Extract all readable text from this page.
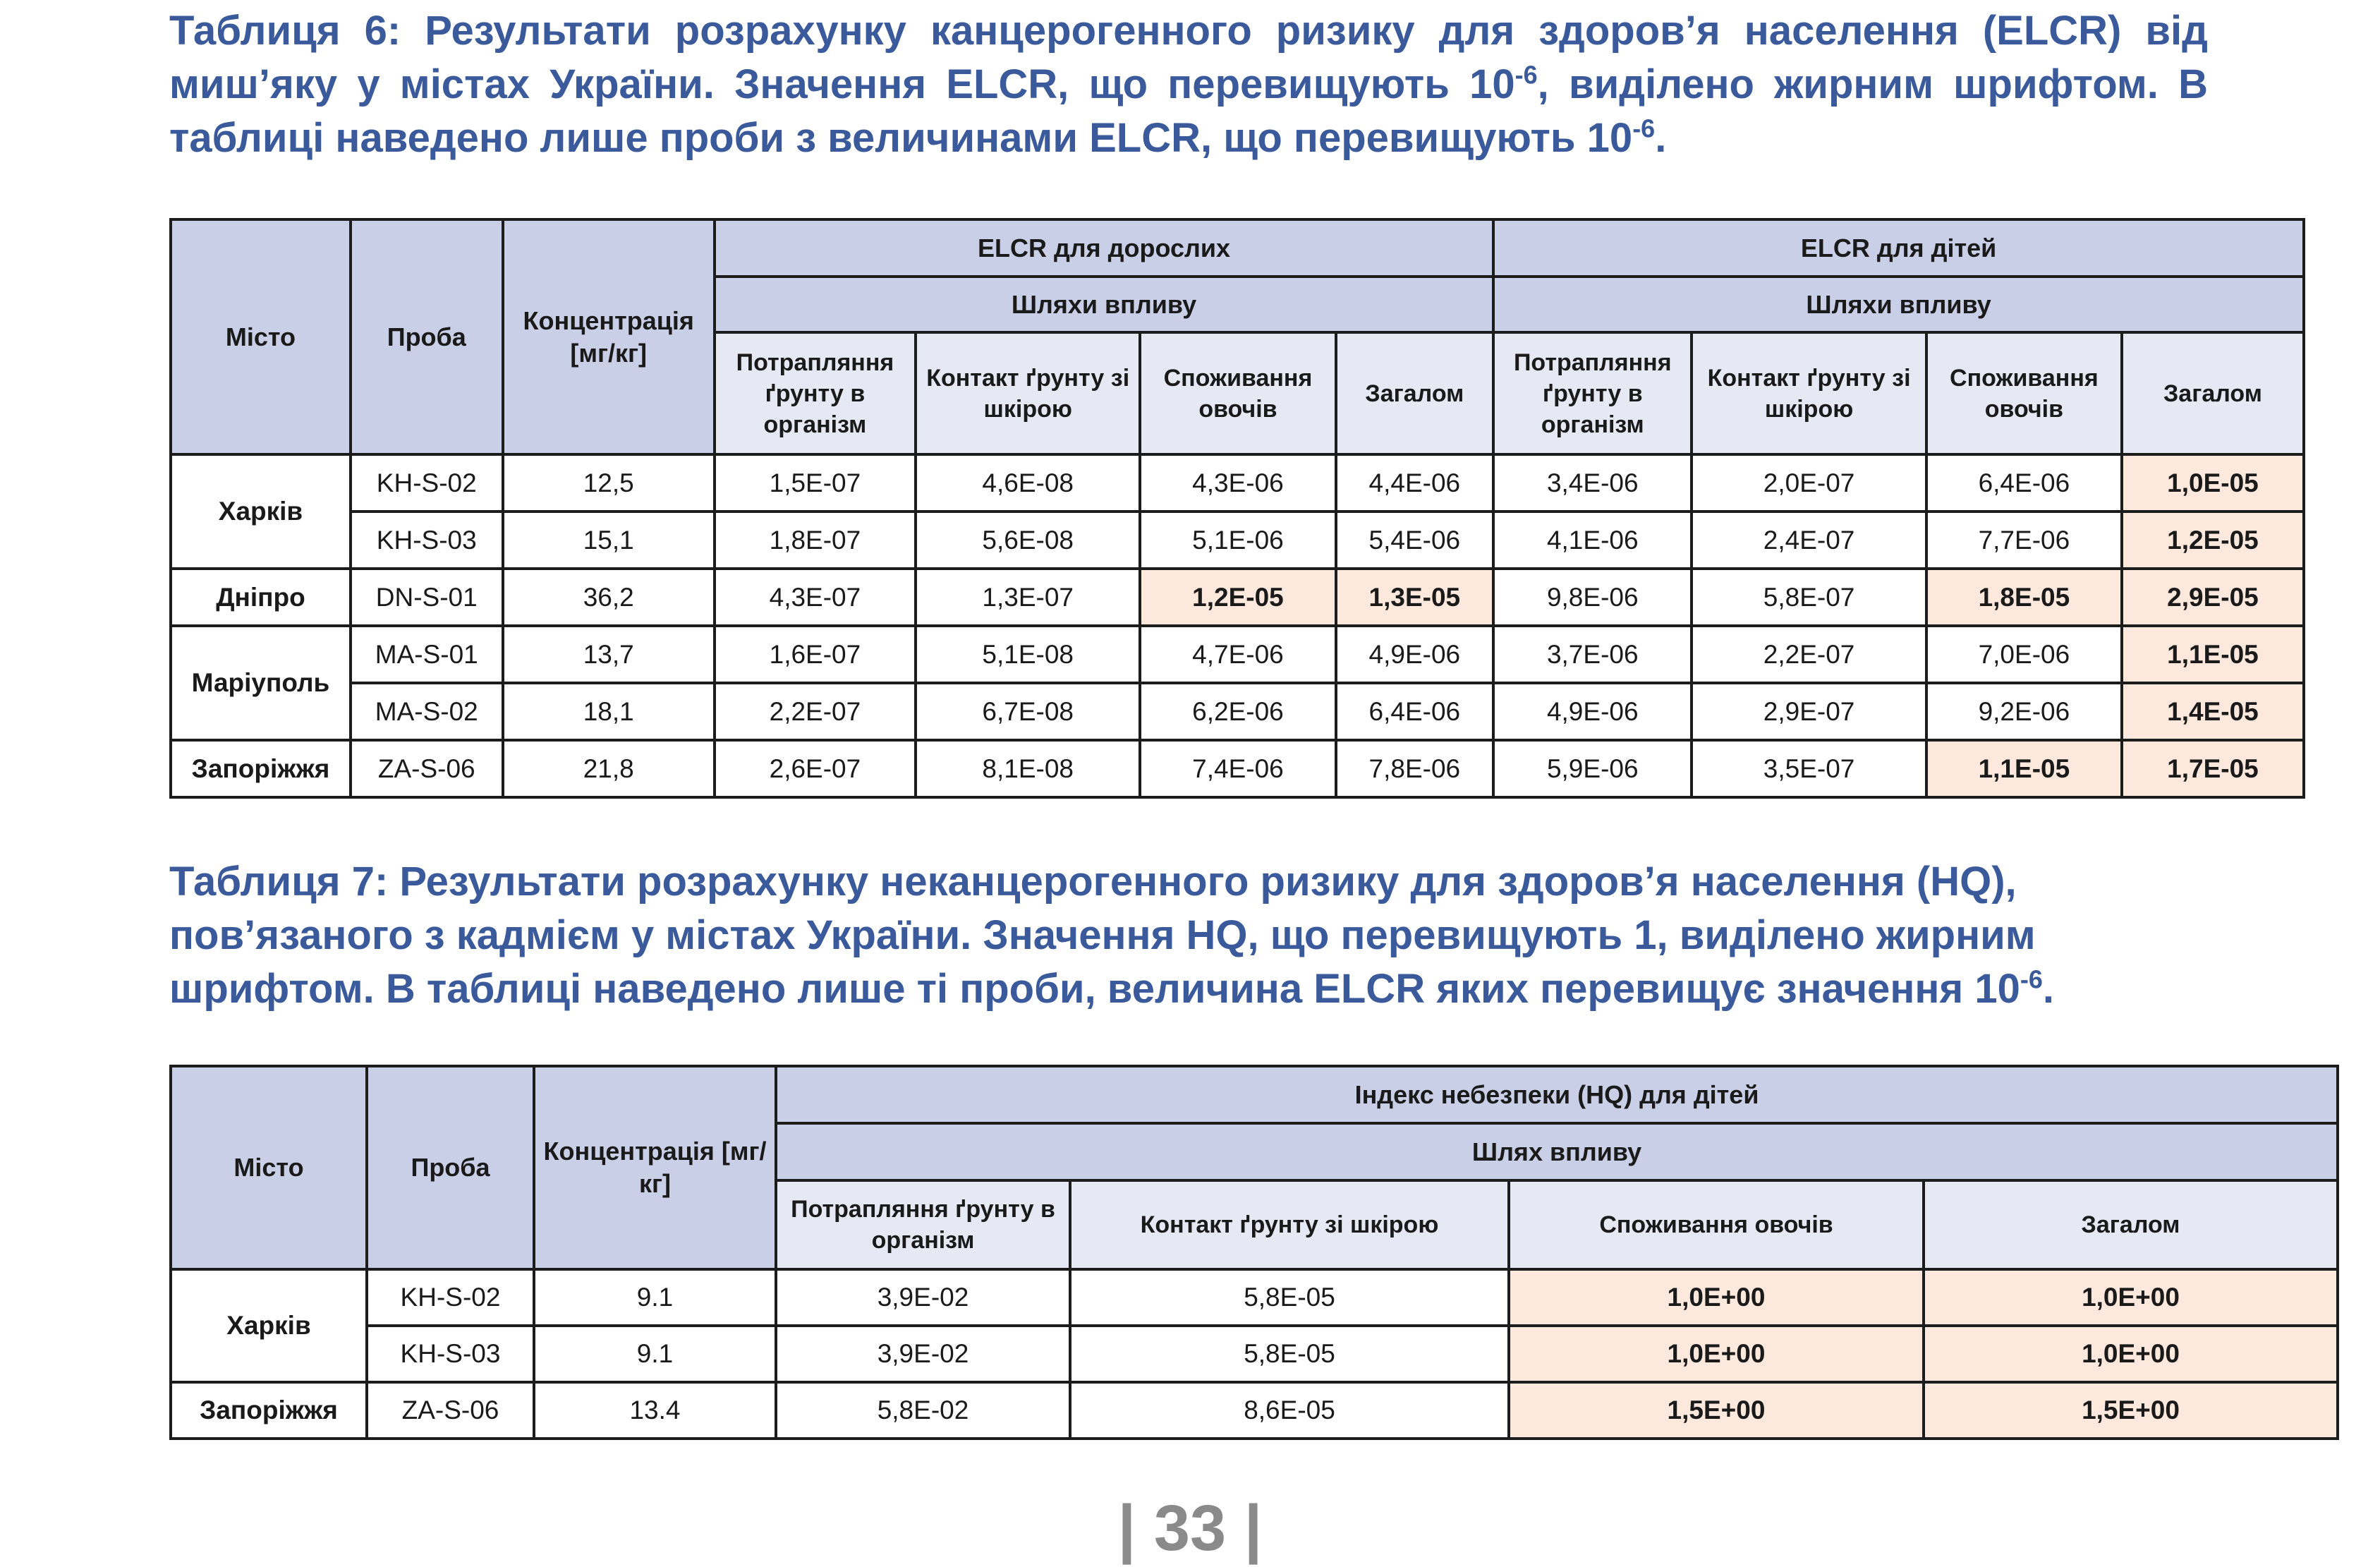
Таблиця 6: Результати розрахунку канцерогенного ризику для здоров’я населення (ELCR) від миш’яку у містах України. Значення ELCR, що перевищують $10^{-6}$, виділено жирним шрифтом. В таблиці наведено лише проби з величинами ELCR, що перевищують $10^{-6}$.
Місто	Проба	Концентрація [мг/кг]	ELCR для дорослих				ELCR для дітей			
			Шляхи впливу				Шляхи впливу			
			Потрапляння ґрунту в організм	Контакт ґрунту зі шкірою	Споживання овочів	Загалом	Потрапляння ґрунту в організм	Контакт ґрунту зі шкірою	Споживання овочів	Загалом
Харків	KH-S-02	12,5	1,5E-07	4,6E-08	4,3E-06	4,4E-06	3,4E-06	2,0E-07	6,4E-06	1,0E-05
	KH-S-03	15,1	1,8E-07	5,6E-08	5,1E-06	5,4E-06	4,1E-06	2,4E-07	7,7E-06	1,2E-05
Дніпро	DN-S-01	36,2	4,3E-07	1,3E-07	1,2E-05	1,3E-05	9,8E-06	5,8E-07	1,8E-05	2,9E-05
Маріуполь	MA-S-01	13,7	1,6E-07	5,1E-08	4,7E-06	4,9E-06	3,7E-06	2,2E-07	7,0E-06	1,1E-05
	MA-S-02	18,1	2,2E-07	6,7E-08	6,2E-06	6,4E-06	4,9E-06	2,9E-07	9,2E-06	1,4E-05
Запоріжжя	ZA-S-06	21,8	2,6E-07	8,1E-08	7,4E-06	7,8E-06	5,9E-06	3,5E-07	1,1E-05	1,7E-05
Таблиця 7: Результати розрахунку неканцерогенного ризику для здоров’я населення (HQ), пов’язаного з кадмієм у містах України. Значення HQ, що перевищують 1, виділено жирним шрифтом. В таблиці наведено лише ті проби, величина ELCR яких перевищує значення $10^{-6}$.
Місто	Проба	Концентрація [мг/кг]	Індекс небезпеки (HQ) для дітей			
			Шлях впливу			
			Потрапляння ґрунту в організм	Контакт ґрунту зі шкірою	Споживання овочів	Загалом
Харків	KH-S-02	9.1	3,9E-02	5,8E-05	1,0E+00	1,0E+00
	KH-S-03	9.1	3,9E-02	5,8E-05	1,0E+00	1,0E+00
Запоріжжя	ZA-S-06	13.4	5,8E-02	8,6E-05	1,5E+00	1,5E+00
| 33 |
